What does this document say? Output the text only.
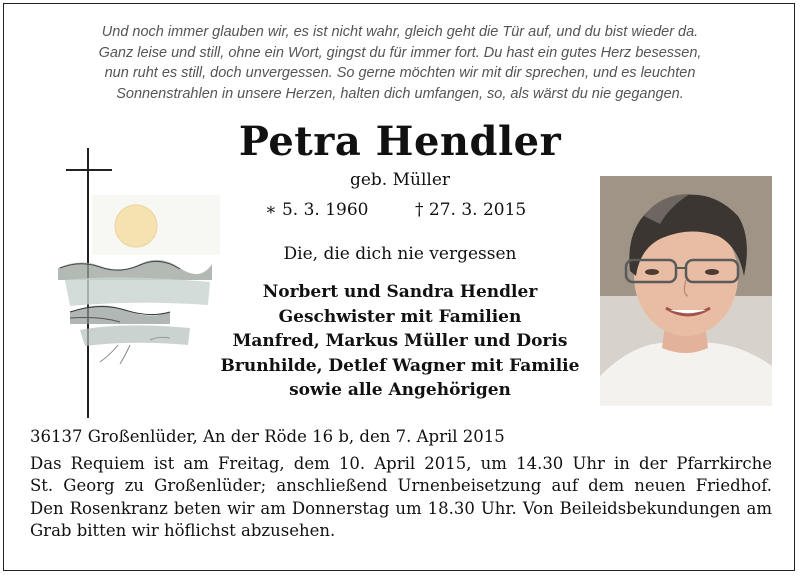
Und noch immer glauben wir, es ist nicht wahr, gleich geht die Tür auf, und du bist wieder da.
Ganz leise und still, ohne ein Wort, gingst du für immer fort. Du hast ein gutes Herz besessen,
nun ruht es still, doch unvergessen. So gerne möchten wir mit dir sprechen, und es leuchten
Sonnenstrahlen in unsere Herzen, halten dich umfangen, so, als wärst du nie gegangen.
Petra Hendler
geb. Müller
∗ 5. 3. 1960	† 27. 3. 2015
Die, die dich nie vergessen
Norbert und Sandra Hendler
Geschwister mit Familien
Manfred, Markus Müller und Doris
Brunhilde, Detlef Wagner mit Familie
sowie alle Angehörigen
36137 Großenlüder, An der Röde 16 b, den 7. April 2015
Das Requiem ist am Freitag, dem 10. April 2015, um 14.30 Uhr in der Pfarrkirche
St. Georg zu Großenlüder; anschließend Urnenbeisetzung auf dem neuen Friedhof.
Den Rosenkranz beten wir am Donnerstag um 18.30 Uhr. Von Beileidsbekundungen am
Grab bitten wir höflichst abzusehen.
